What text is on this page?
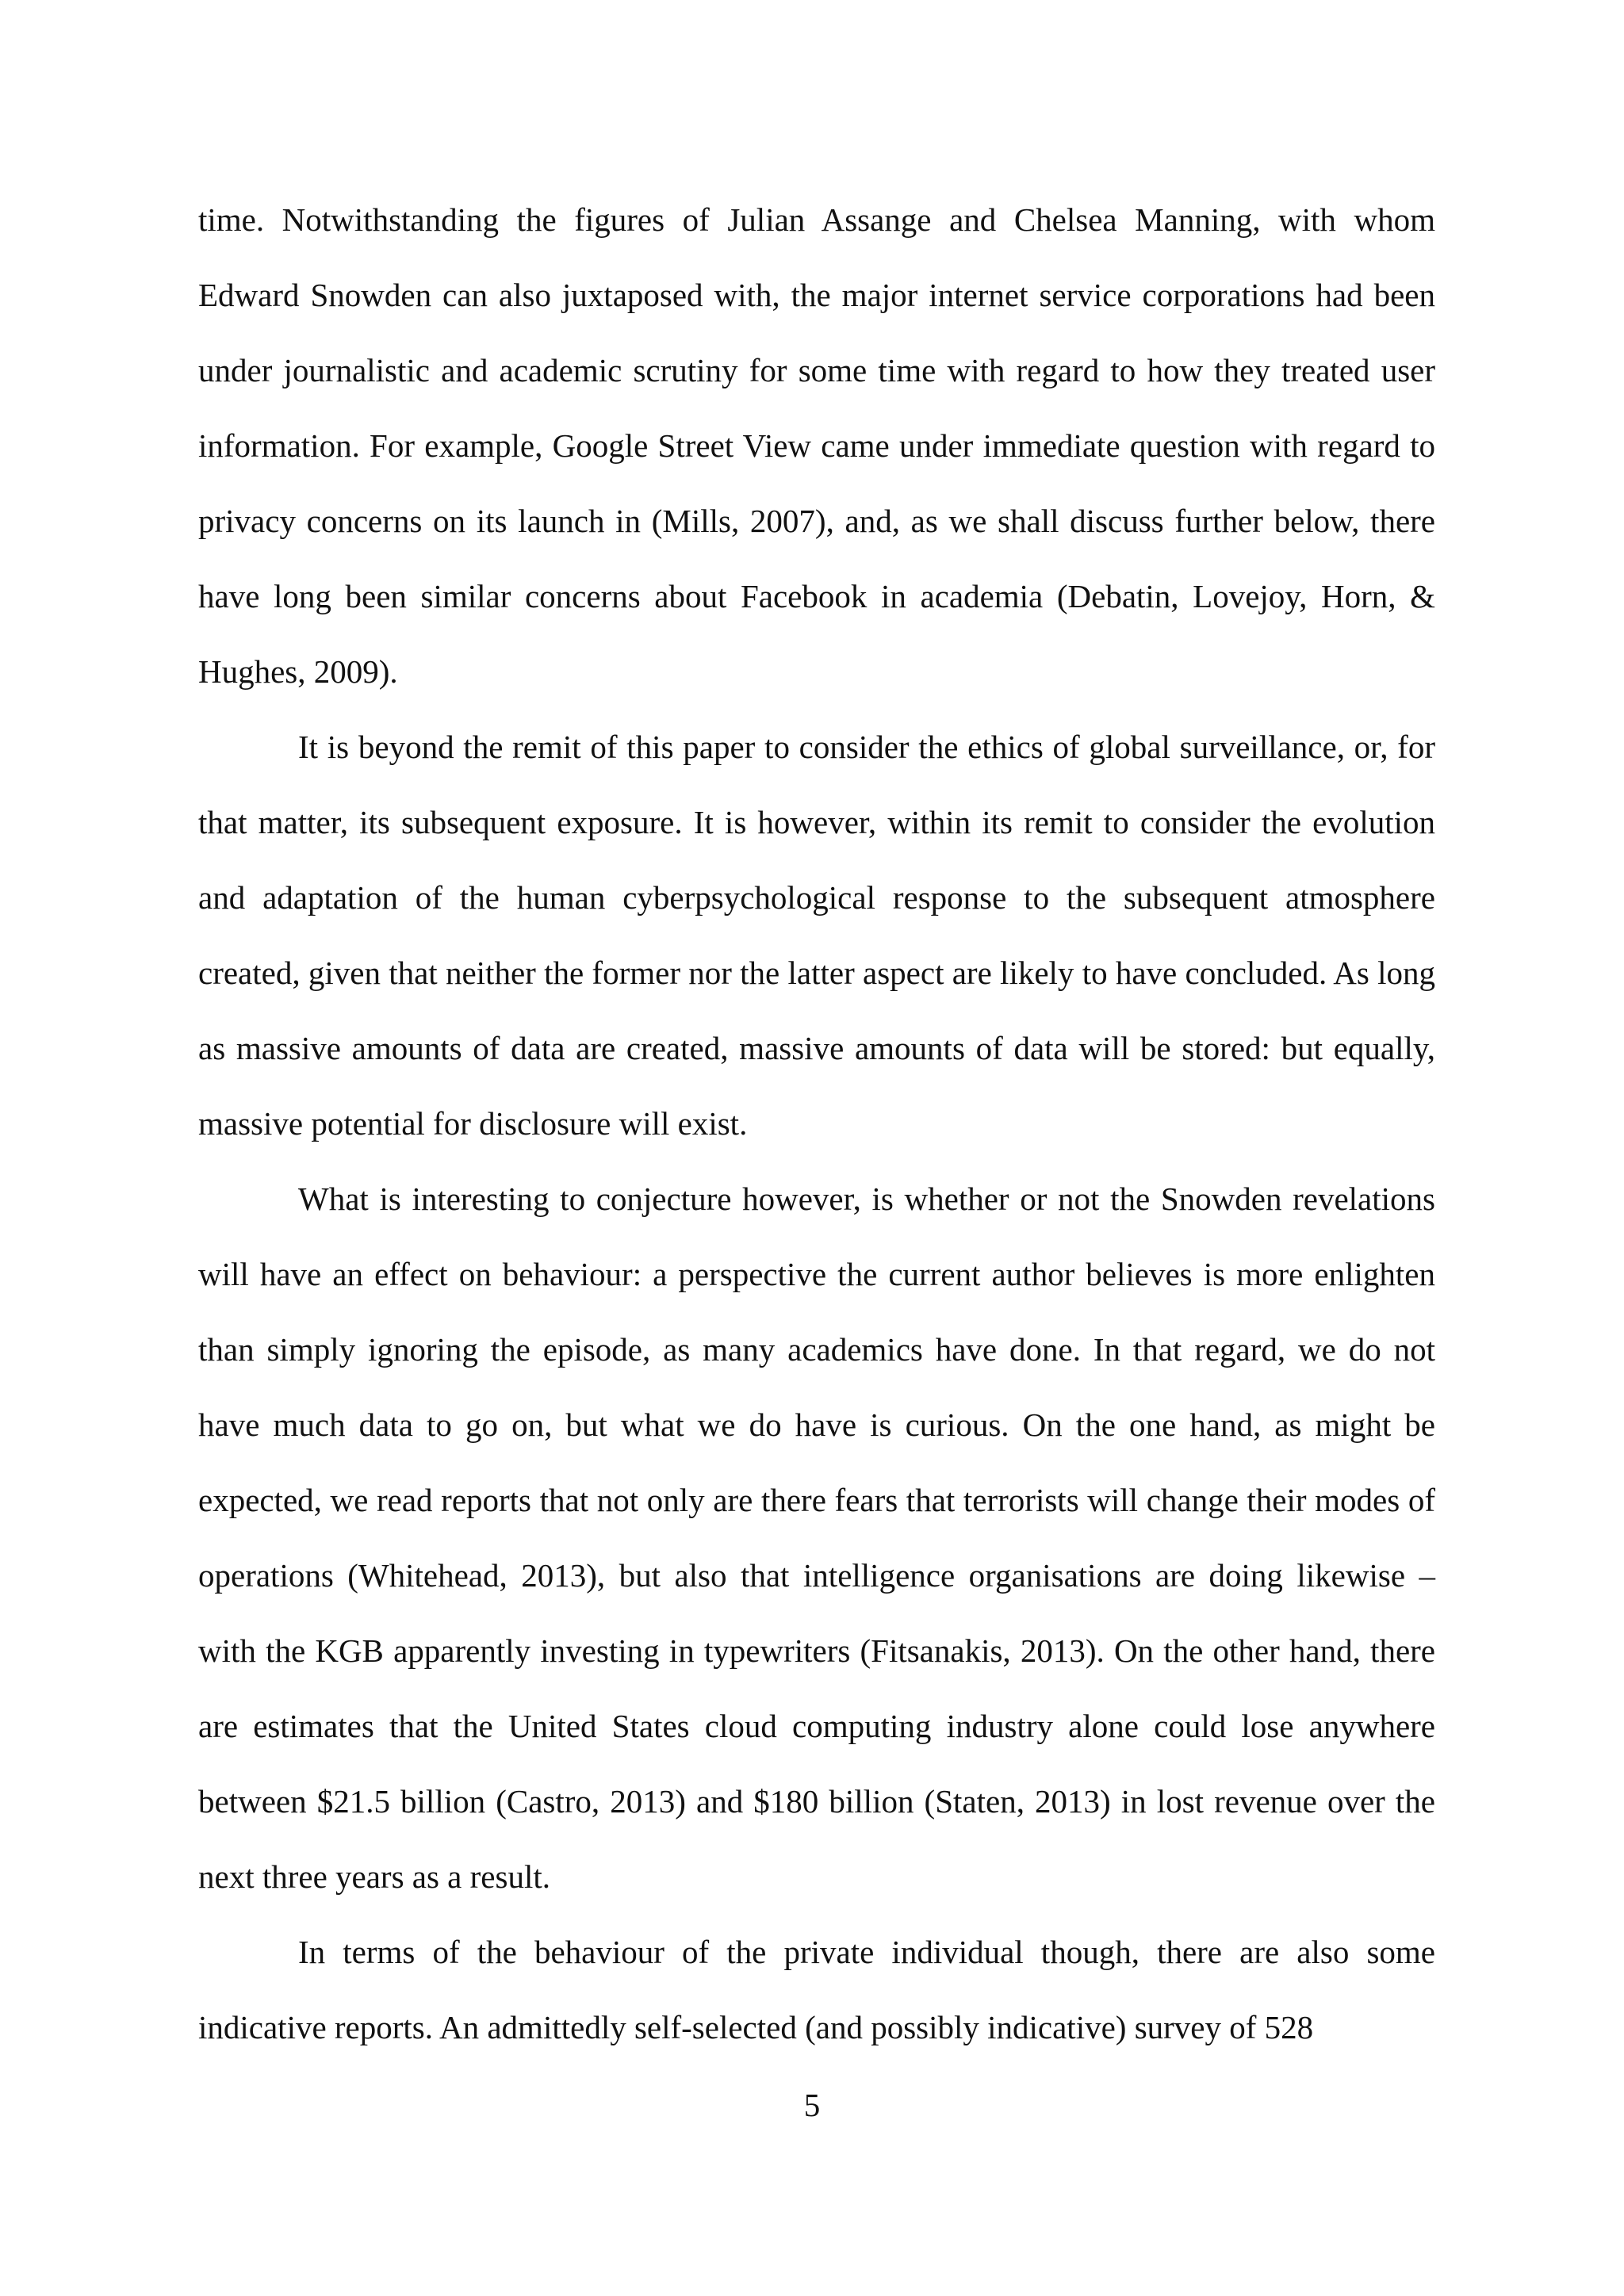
time. Notwithstanding the figures of Julian Assange and Chelsea Manning, with whom Edward Snowden can also juxtaposed with, the major internet service corporations had been under journalistic and academic scrutiny for some time with regard to how they treated user information. For example, Google Street View came under immediate question with regard to privacy concerns on its launch in (Mills, 2007), and, as we shall discuss further below, there have long been similar concerns about Facebook in academia (Debatin, Lovejoy, Horn, & Hughes, 2009).

It is beyond the remit of this paper to consider the ethics of global surveillance, or, for that matter, its subsequent exposure. It is however, within its remit to consider the evolution and adaptation of the human cyberpsychological response to the subsequent atmosphere created, given that neither the former nor the latter aspect are likely to have concluded. As long as massive amounts of data are created, massive amounts of data will be stored: but equally, massive potential for disclosure will exist.

What is interesting to conjecture however, is whether or not the Snowden revelations will have an effect on behaviour: a perspective the current author believes is more enlighten than simply ignoring the episode, as many academics have done. In that regard, we do not have much data to go on, but what we do have is curious. On the one hand, as might be expected, we read reports that not only are there fears that terrorists will change their modes of operations (Whitehead, 2013), but also that intelligence organisations are doing likewise – with the KGB apparently investing in typewriters (Fitsanakis, 2013). On the other hand, there are estimates that the United States cloud computing industry alone could lose anywhere between $21.5 billion (Castro, 2013) and $180 billion (Staten, 2013) in lost revenue over the next three years as a result.

In terms of the behaviour of the private individual though, there are also some indicative reports. An admittedly self-selected (and possibly indicative) survey of 528

5
